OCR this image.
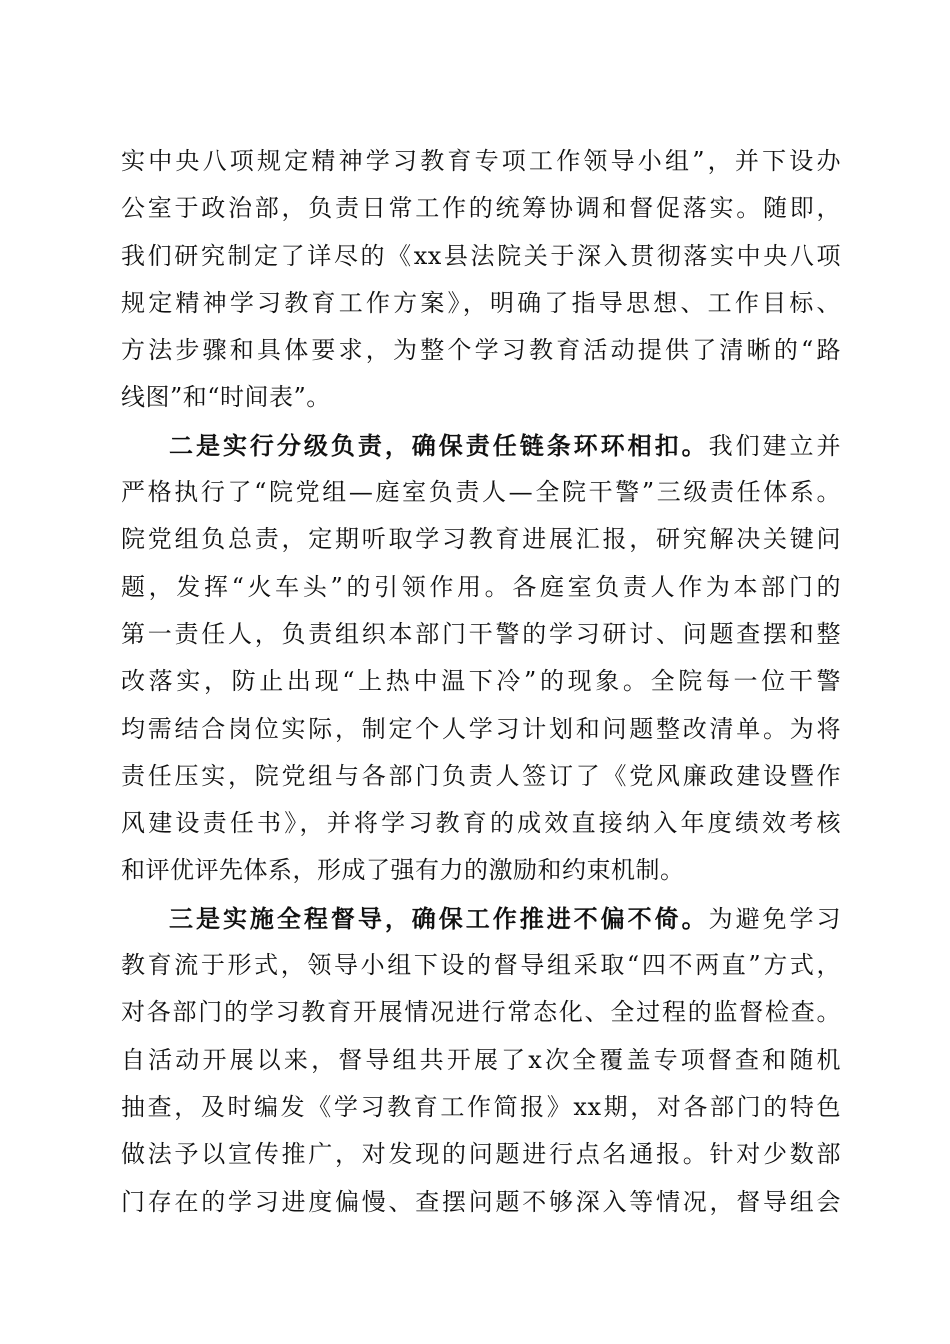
实中央八项规定精神学习教育专项工作领导小组”，并下设办
公室于政治部，负责日常工作的统筹协调和督促落实。随即，
我们研究制定了详尽的《xx县法院关于深入贯彻落实中央八项
规定精神学习教育工作方案》，明确了指导思想、工作目标、
方法步骤和具体要求，为整个学习教育活动提供了清晰的“路
线图”和“时间表”。
二是实行分级负责，确保责任链条环环相扣。我们建立并
严格执行了“院党组—庭室负责人—全院干警”三级责任体系。
院党组负总责，定期听取学习教育进展汇报，研究解决关键问
题，发挥“火车头”的引领作用。各庭室负责人作为本部门的
第一责任人，负责组织本部门干警的学习研讨、问题查摆和整
改落实，防止出现“上热中温下冷”的现象。全院每一位干警
均需结合岗位实际，制定个人学习计划和问题整改清单。为将
责任压实，院党组与各部门负责人签订了《党风廉政建设暨作
风建设责任书》，并将学习教育的成效直接纳入年度绩效考核
和评优评先体系，形成了强有力的激励和约束机制。
三是实施全程督导，确保工作推进不偏不倚。为避免学习
教育流于形式，领导小组下设的督导组采取“四不两直”方式，
对各部门的学习教育开展情况进行常态化、全过程的监督检查。
自活动开展以来，督导组共开展了x次全覆盖专项督查和随机
抽查，及时编发《学习教育工作简报》xx期，对各部门的特色
做法予以宣传推广，对发现的问题进行点名通报。针对少数部
门存在的学习进度偏慢、查摆问题不够深入等情况，督导组会
